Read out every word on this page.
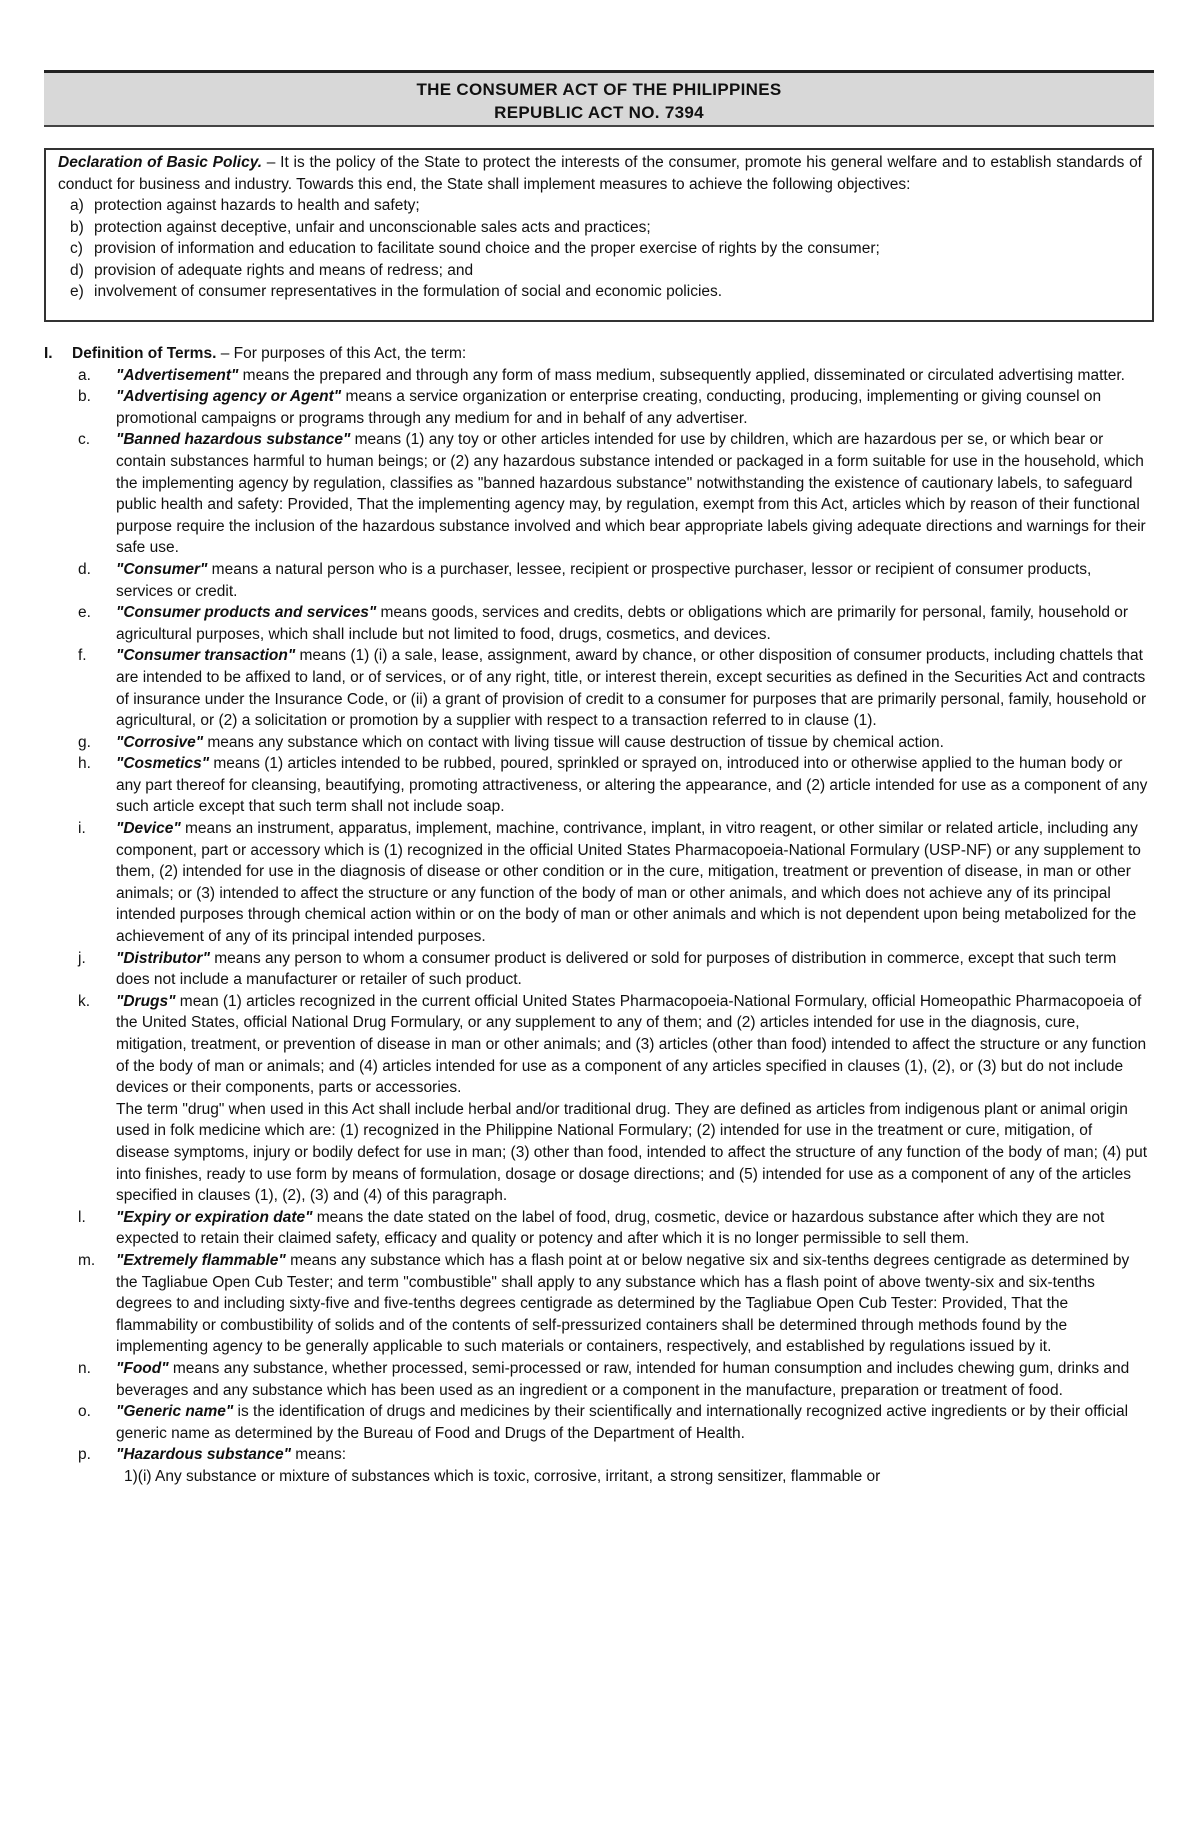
THE CONSUMER ACT OF THE PHILIPPINES
REPUBLIC ACT NO. 7394
Declaration of Basic Policy. – It is the policy of the State to protect the interests of the consumer, promote his general welfare and to establish standards of conduct for business and industry. Towards this end, the State shall implement measures to achieve the following objectives:
a) protection against hazards to health and safety;
b) protection against deceptive, unfair and unconscionable sales acts and practices;
c) provision of information and education to facilitate sound choice and the proper exercise of rights by the consumer;
d) provision of adequate rights and means of redress; and
e) involvement of consumer representatives in the formulation of social and economic policies.
I. Definition of Terms. – For purposes of this Act, the term:
a.	"Advertisement" means the prepared and through any form of mass medium, subsequently applied, disseminated or circulated advertising matter.
b.	"Advertising agency or Agent" means a service organization or enterprise creating, conducting, producing, implementing or giving counsel on promotional campaigns or programs through any medium for and in behalf of any advertiser.
c.	"Banned hazardous substance" means (1) any toy or other articles intended for use by children, which are hazardous per se, or which bear or contain substances harmful to human beings; or (2) any hazardous substance intended or packaged in a form suitable for use in the household, which the implementing agency by regulation, classifies as "banned hazardous substance" notwithstanding the existence of cautionary labels, to safeguard public health and safety: Provided, That the implementing agency may, by regulation, exempt from this Act, articles which by reason of their functional purpose require the inclusion of the hazardous substance involved and which bear appropriate labels giving adequate directions and warnings for their safe use.
d.	"Consumer" means a natural person who is a purchaser, lessee, recipient or prospective purchaser, lessor or recipient of consumer products, services or credit.
e.	"Consumer products and services" means goods, services and credits, debts or obligations which are primarily for personal, family, household or agricultural purposes, which shall include but not limited to food, drugs, cosmetics, and devices.
f.	"Consumer transaction" means (1) (i) a sale, lease, assignment, award by chance, or other disposition of consumer products, including chattels that are intended to be affixed to land, or of services, or of any right, title, or interest therein, except securities as defined in the Securities Act and contracts of insurance under the Insurance Code, or (ii) a grant of provision of credit to a consumer for purposes that are primarily personal, family, household or agricultural, or (2) a solicitation or promotion by a supplier with respect to a transaction referred to in clause (1).
g.	"Corrosive" means any substance which on contact with living tissue will cause destruction of tissue by chemical action.
h.	"Cosmetics" means (1) articles intended to be rubbed, poured, sprinkled or sprayed on, introduced into or otherwise applied to the human body or any part thereof for cleansing, beautifying, promoting attractiveness, or altering the appearance, and (2) article intended for use as a component of any such article except that such term shall not include soap.
i.	"Device" means an instrument, apparatus, implement, machine, contrivance, implant, in vitro reagent, or other similar or related article, including any component, part or accessory which is (1) recognized in the official United States Pharmacopoeia-National Formulary (USP-NF) or any supplement to them, (2) intended for use in the diagnosis of disease or other condition or in the cure, mitigation, treatment or prevention of disease, in man or other animals; or (3) intended to affect the structure or any function of the body of man or other animals, and which does not achieve any of its principal intended purposes through chemical action within or on the body of man or other animals and which is not dependent upon being metabolized for the achievement of any of its principal intended purposes.
j.	"Distributor" means any person to whom a consumer product is delivered or sold for purposes of distribution in commerce, except that such term does not include a manufacturer or retailer of such product.
k.	"Drugs" mean (1) articles recognized in the current official United States Pharmacopoeia-National Formulary, official Homeopathic Pharmacopoeia of the United States, official National Drug Formulary, or any supplement to any of them; and (2) articles intended for use in the diagnosis, cure, mitigation, treatment, or prevention of disease in man or other animals; and (3) articles (other than food) intended to affect the structure or any function of the body of man or animals; and (4) articles intended for use as a component of any articles specified in clauses (1), (2), or (3) but do not include devices or their components, parts or accessories.
The term "drug" when used in this Act shall include herbal and/or traditional drug. They are defined as articles from indigenous plant or animal origin used in folk medicine which are: (1) recognized in the Philippine National Formulary; (2) intended for use in the treatment or cure, mitigation, of disease symptoms, injury or bodily defect for use in man; (3) other than food, intended to affect the structure of any function of the body of man; (4) put into finishes, ready to use form by means of formulation, dosage or dosage directions; and (5) intended for use as a component of any of the articles specified in clauses (1), (2), (3) and (4) of this paragraph.
l.	"Expiry or expiration date" means the date stated on the label of food, drug, cosmetic, device or hazardous substance after which they are not expected to retain their claimed safety, efficacy and quality or potency and after which it is no longer permissible to sell them.
m.	"Extremely flammable" means any substance which has a flash point at or below negative six and six-tenths degrees centigrade as determined by the Tagliabue Open Cub Tester; and term "combustible" shall apply to any substance which has a flash point of above twenty-six and six-tenths degrees to and including sixty-five and five-tenths degrees centigrade as determined by the Tagliabue Open Cub Tester: Provided, That the flammability or combustibility of solids and of the contents of self-pressurized containers shall be determined through methods found by the implementing agency to be generally applicable to such materials or containers, respectively, and established by regulations issued by it.
n.	"Food" means any substance, whether processed, semi-processed or raw, intended for human consumption and includes chewing gum, drinks and beverages and any substance which has been used as an ingredient or a component in the manufacture, preparation or treatment of food.
o.	"Generic name" is the identification of drugs and medicines by their scientifically and internationally recognized active ingredients or by their official generic name as determined by the Bureau of Food and Drugs of the Department of Health.
p.	"Hazardous substance" means:
1)(i) Any substance or mixture of substances which is toxic, corrosive, irritant, a strong sensitizer, flammable or
